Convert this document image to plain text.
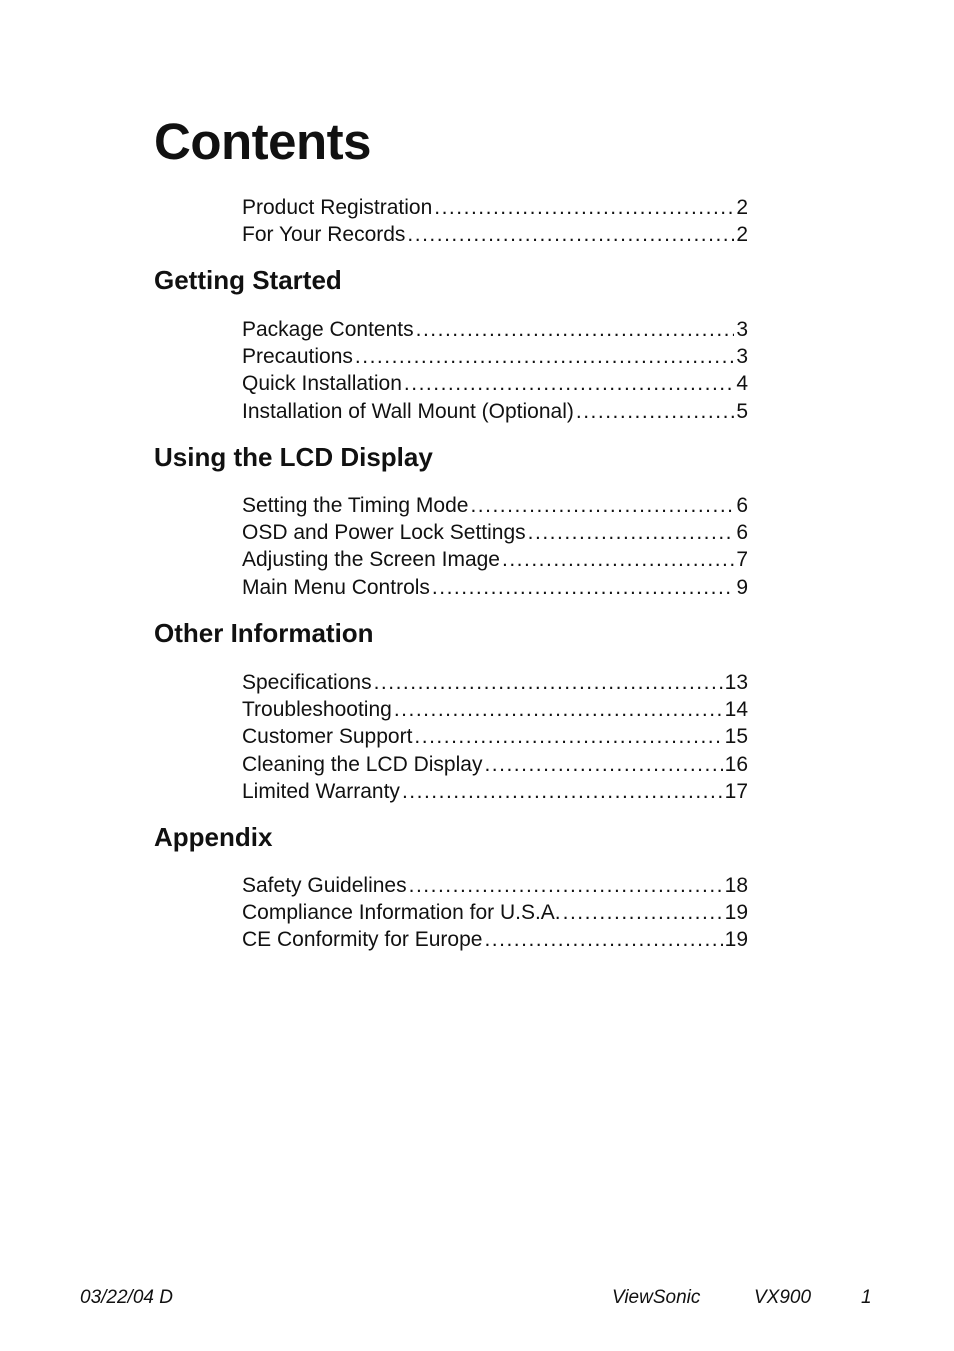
Contents
Product Registration .....	2
For Your Records .....	2
Getting Started
Package Contents .....	3
Precautions .....	3
Quick Installation .....	4
Installation of Wall Mount (Optional) .....	5
Using the LCD Display
Setting the Timing Mode .....	6
OSD and Power Lock Settings .....	6
Adjusting the Screen Image .....	7
Main Menu Controls .....	9
Other Information
Specifications .....	13
Troubleshooting .....	14
Customer Support .....	15
Cleaning the LCD Display .....	16
Limited Warranty .....	17
Appendix
Safety Guidelines .....	18
Compliance Information for U.S.A. .....	19
CE Conformity for Europe .....	19
03/22/04 D	ViewSonic	VX900	1
